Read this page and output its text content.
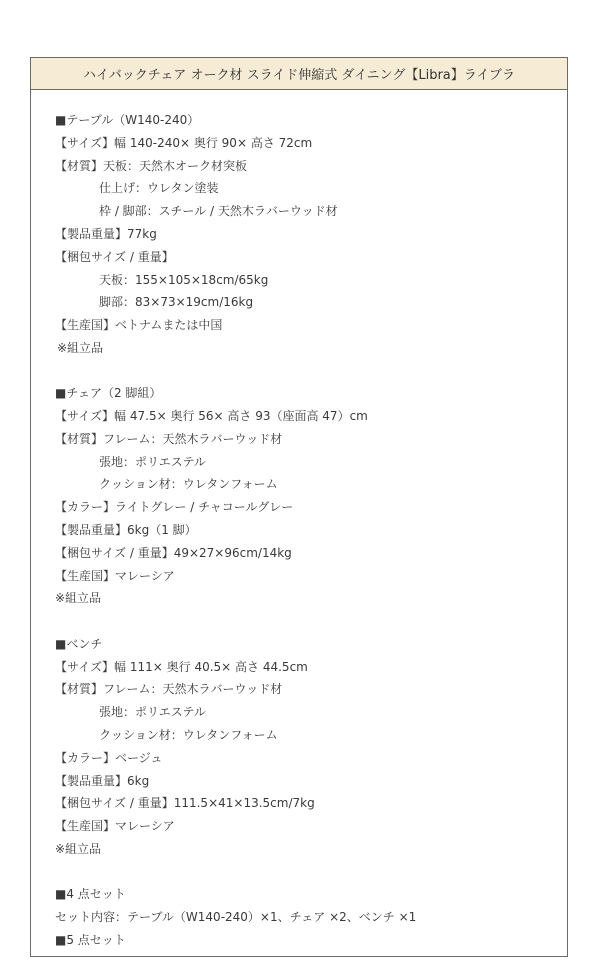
ハイバックチェア オーク材 スライド伸縮式 ダイニング【Libra】ライブラ
■テーブル（W140-240）
【サイズ】幅 140-240× 奥行 90× 高さ 72cm
【材質】天板：天然木オーク材突板
仕上げ：ウレタン塗装
枠 / 脚部：スチール / 天然木ラバーウッド材
【製品重量】77kg
【梱包サイズ / 重量】
天板：155×105×18cm/65kg
脚部：83×73×19cm/16kg
【生産国】ベトナムまたは中国
※組立品
■チェア（2 脚組）
【サイズ】幅 47.5× 奥行 56× 高さ 93（座面高 47）cm
【材質】フレーム：天然木ラバーウッド材
張地：ポリエステル
クッション材：ウレタンフォーム
【カラー】ライトグレー / チャコールグレー
【製品重量】6kg（1 脚）
【梱包サイズ / 重量】49×27×96cm/14kg
【生産国】マレーシア
※組立品
■ベンチ
【サイズ】幅 111× 奥行 40.5× 高さ 44.5cm
【材質】フレーム：天然木ラバーウッド材
張地：ポリエステル
クッション材：ウレタンフォーム
【カラー】ベージュ
【製品重量】6kg
【梱包サイズ / 重量】111.5×41×13.5cm/7kg
【生産国】マレーシア
※組立品
■4 点セット
セット内容：テーブル（W140-240）×1、チェア ×2、ベンチ ×1
■5 点セット
